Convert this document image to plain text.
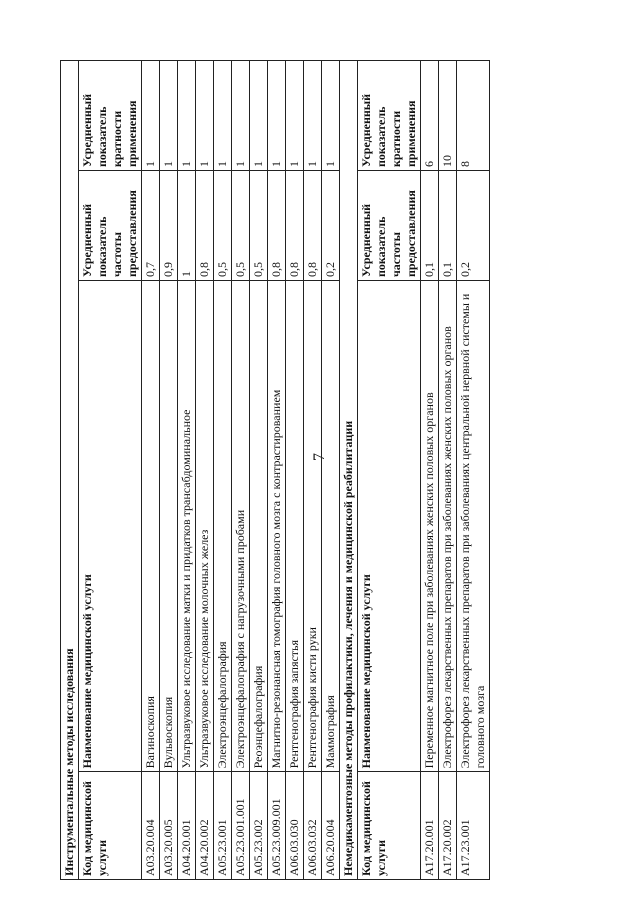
7
Инструментальные методы исследования			
Код медицинской услуги	Наименование медицинской услуги	Усредненный показатель частоты предоставления	Усредненный показатель кратности применения
A03.20.004	Вагиноскопия	0,7	1
A03.20.005	Вульвоскопия	0,9	1
A04.20.001	Ультразвуковое исследование матки и придатков трансабдоминальное	1	1
A04.20.002	Ультразвуковое исследование молочных желез	0,8	1
A05.23.001	Электроэнцефалография	0,5	1
A05.23.001.001	Электроэнцефалография с нагрузочными пробами	0,5	1
A05.23.002	Реоэнцефалография	0,5	1
A05.23.009.001	Магнитно-резонансная томография головного мозга с контрастированием	0,8	1
A06.03.030	Рентгенография запястья	0,8	1
A06.03.032	Рентгенография кисти руки	0,8	1
A06.20.004	Маммография	0,2	1
Немедикаментозные методы профилактики, лечения и медицинской реабилитации			
Код медицинской услуги	Наименование медицинской услуги	Усредненный показатель частоты предоставления	Усредненный показатель кратности применения
A17.20.001	Переменное магнитное поле при заболеваниях женских половых органов	0,1	6
A17.20.002	Электрофорез лекарственных препаратов при заболеваниях женских половых органов	0,1	10
A17.23.001	Электрофорез лекарственных препаратов при заболеваниях центральной нервной системы и головного мозга	0,2	8
